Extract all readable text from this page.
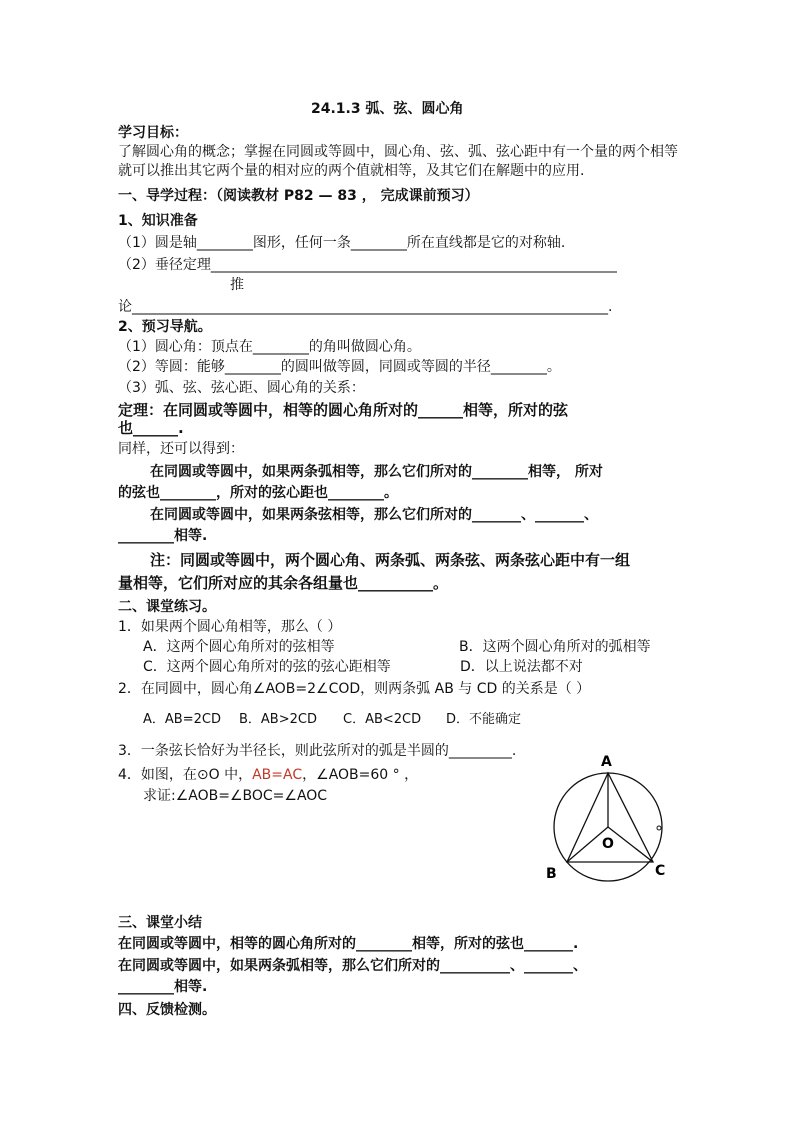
24.1.3 弧、弦、圆心角
学习目标：
了解圆心角的概念；掌握在同圆或等圆中，圆心角、弦、弧、弦心距中有一个量的两个相等
就可以推出其它两个量的相对应的两个值就相等，及其它们在解题中的应用.
一、导学过程：（阅读教材 P82 — 83 ， 完成课前预习）
1、知识准备
（1）圆是轴________图形，任何一条________所在直线都是它的对称轴.
（2）垂径定理__________________________________________________________
推
论____________________________________________________________________.
2、预习导航。
（1）圆心角：顶点在________的角叫做圆心角。
（2）等圆：能够________的圆叫做等圆，同圆或等圆的半径________。
（3）弧、弦、弦心距、圆心角的关系：
定理：在同圆或等圆中，相等的圆心角所对的______相等，所对的弦
也______.
同样，还可以得到：
在同圆或等圆中，如果两条弧相等，那么它们所对的________相等， 所对
的弦也________，所对的弦心距也________。
在同圆或等圆中，如果两条弦相等，那么它们所对的_______、_______、
________相等.
注：同圆或等圆中，两个圆心角、两条弧、两条弦、两条弦心距中有一组
量相等，它们所对应的其余各组量也__________。
二、课堂练习。
1．如果两个圆心角相等，那么（ ）
A．这两个圆心角所对的弦相等	B．这两个圆心角所对的弧相等
C．这两个圆心角所对的弦的弦心距相等	D．以上说法都不对
2．在同圆中，圆心角∠AOB=2∠COD，则两条弧 AB 与 CD 的关系是（ ）
A．AB=2CD B．AB>2CD C．AB<2CD D．不能确定
3．一条弦长恰好为半径长，则此弦所对的弧是半圆的_________.
4．如图，在⊙O 中，AB=AC，∠AOB=60 ° ，
求证:∠AOB=∠BOC=∠AOC
A
O
B	C
三、课堂小结
在同圆或等圆中，相等的圆心角所对的________相等，所对的弦也_______.
在同圆或等圆中，如果两条弧相等，那么它们所对的__________、_______、
________相等.
四、反馈检测。
